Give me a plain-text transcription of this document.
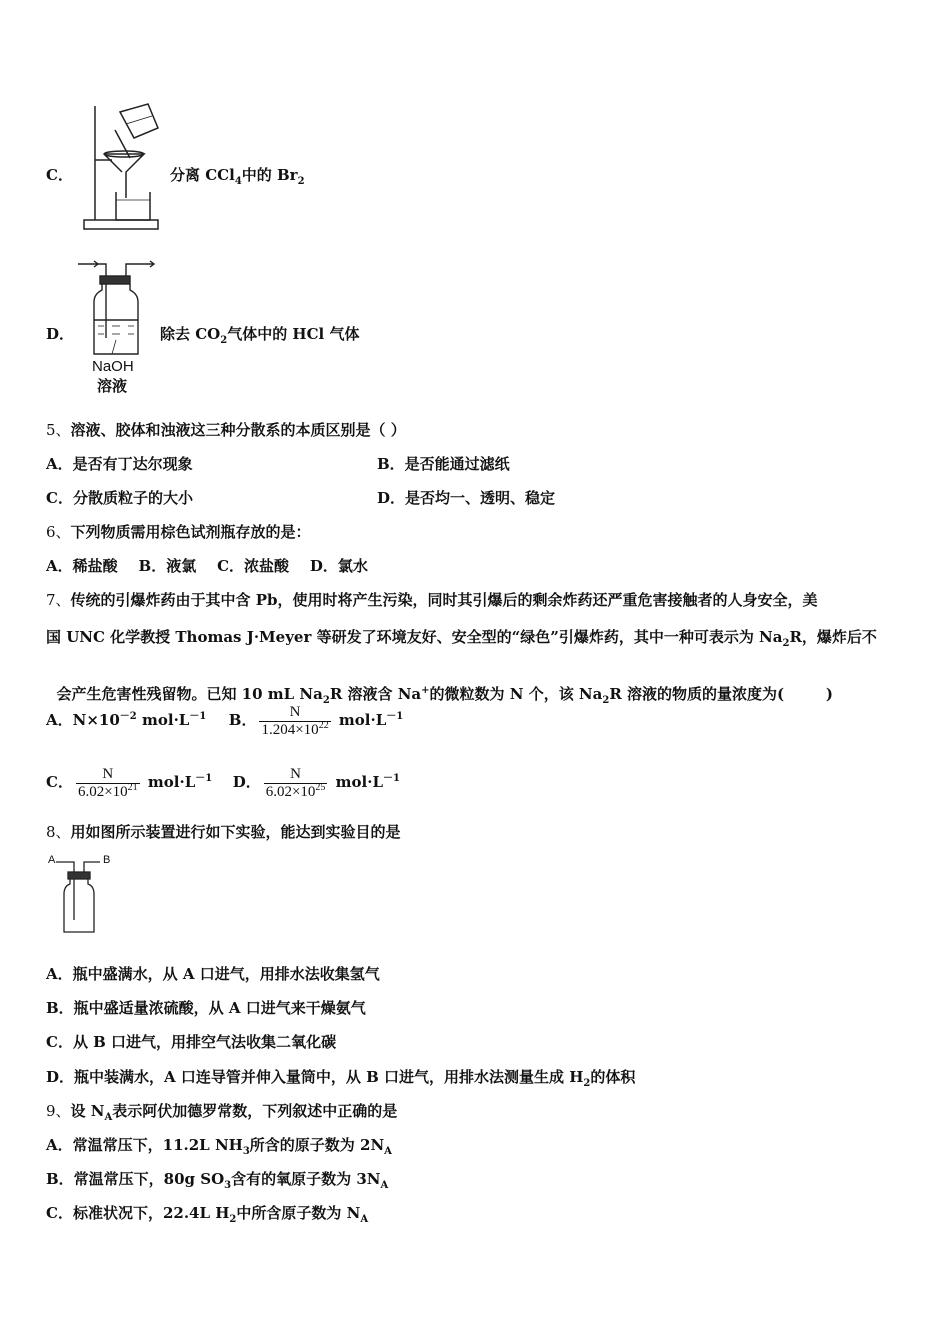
C．	分离 CCl$_4$中的 $Br_2$
D．
NaOH
溶液
除去 $CO_2$气体中的 HCl 气体
5、溶液、胶体和浊液这三种分散系的本质区别是（ ）
A．是否有丁达尔现象	B．是否能通过滤纸
C．分散质粒子的大小	D．是否均一、透明、稳定
6、下列物质需用棕色试剂瓶存放的是：
A．稀盐酸    B．液氯    C．浓盐酸    D．氯水
7、传统的引爆炸药由于其中含 Pb，使用时将产生污染，同时其引爆后的剩余炸药还严重危害接触者的人身安全，美
国 UNC 化学教授 Thomas J·Meyer 等研发了环境友好、安全型的“绿色”引爆炸药，其中一种可表示为 $Na_2R$，爆炸后不

会产生危害性残留物。已知 10 mL $Na_2R$ 溶液含 Na+的微粒数为 N 个，该 $Na_2R$ 溶液的物质的量浓度为(        )

A．$N\times 10^{-2}$ $mol\cdot L^{-1}$ B． $\frac{N}{1.204\times 10^{22}} mol\cdot L^{-1}$
C． $\frac{N}{6.02\times 10^{21}} mol\cdot L^{-1}$ D． $\frac{N}{6.02\times 10^{25}} mol\cdot L^{-1}$
8、用如图所示装置进行如下实验，能达到实验目的是
A	B
A．瓶中盛满水，从 A 口进气，用排水法收集氢气
B．瓶中盛适量浓硫酸，从 A 口进气来干燥氨气
C．从 B 口进气，用排空气法收集二氧化碳
D．瓶中装满水，A 口连导管并伸入量筒中，从 B 口进气，用排水法测量生成 $H_2$的体积
9、设 $N_A$表示阿伏加德罗常数，下列叙述中正确的是
A．常温常压下，11.2L $NH_3$所含的原子数为 $2N_A$
B．常温常压下，80g $SO_3$含有的氧原子数为 $3N_A$
C．标准状况下，22.4L $H_2$中所含原子数为 $N_A$
